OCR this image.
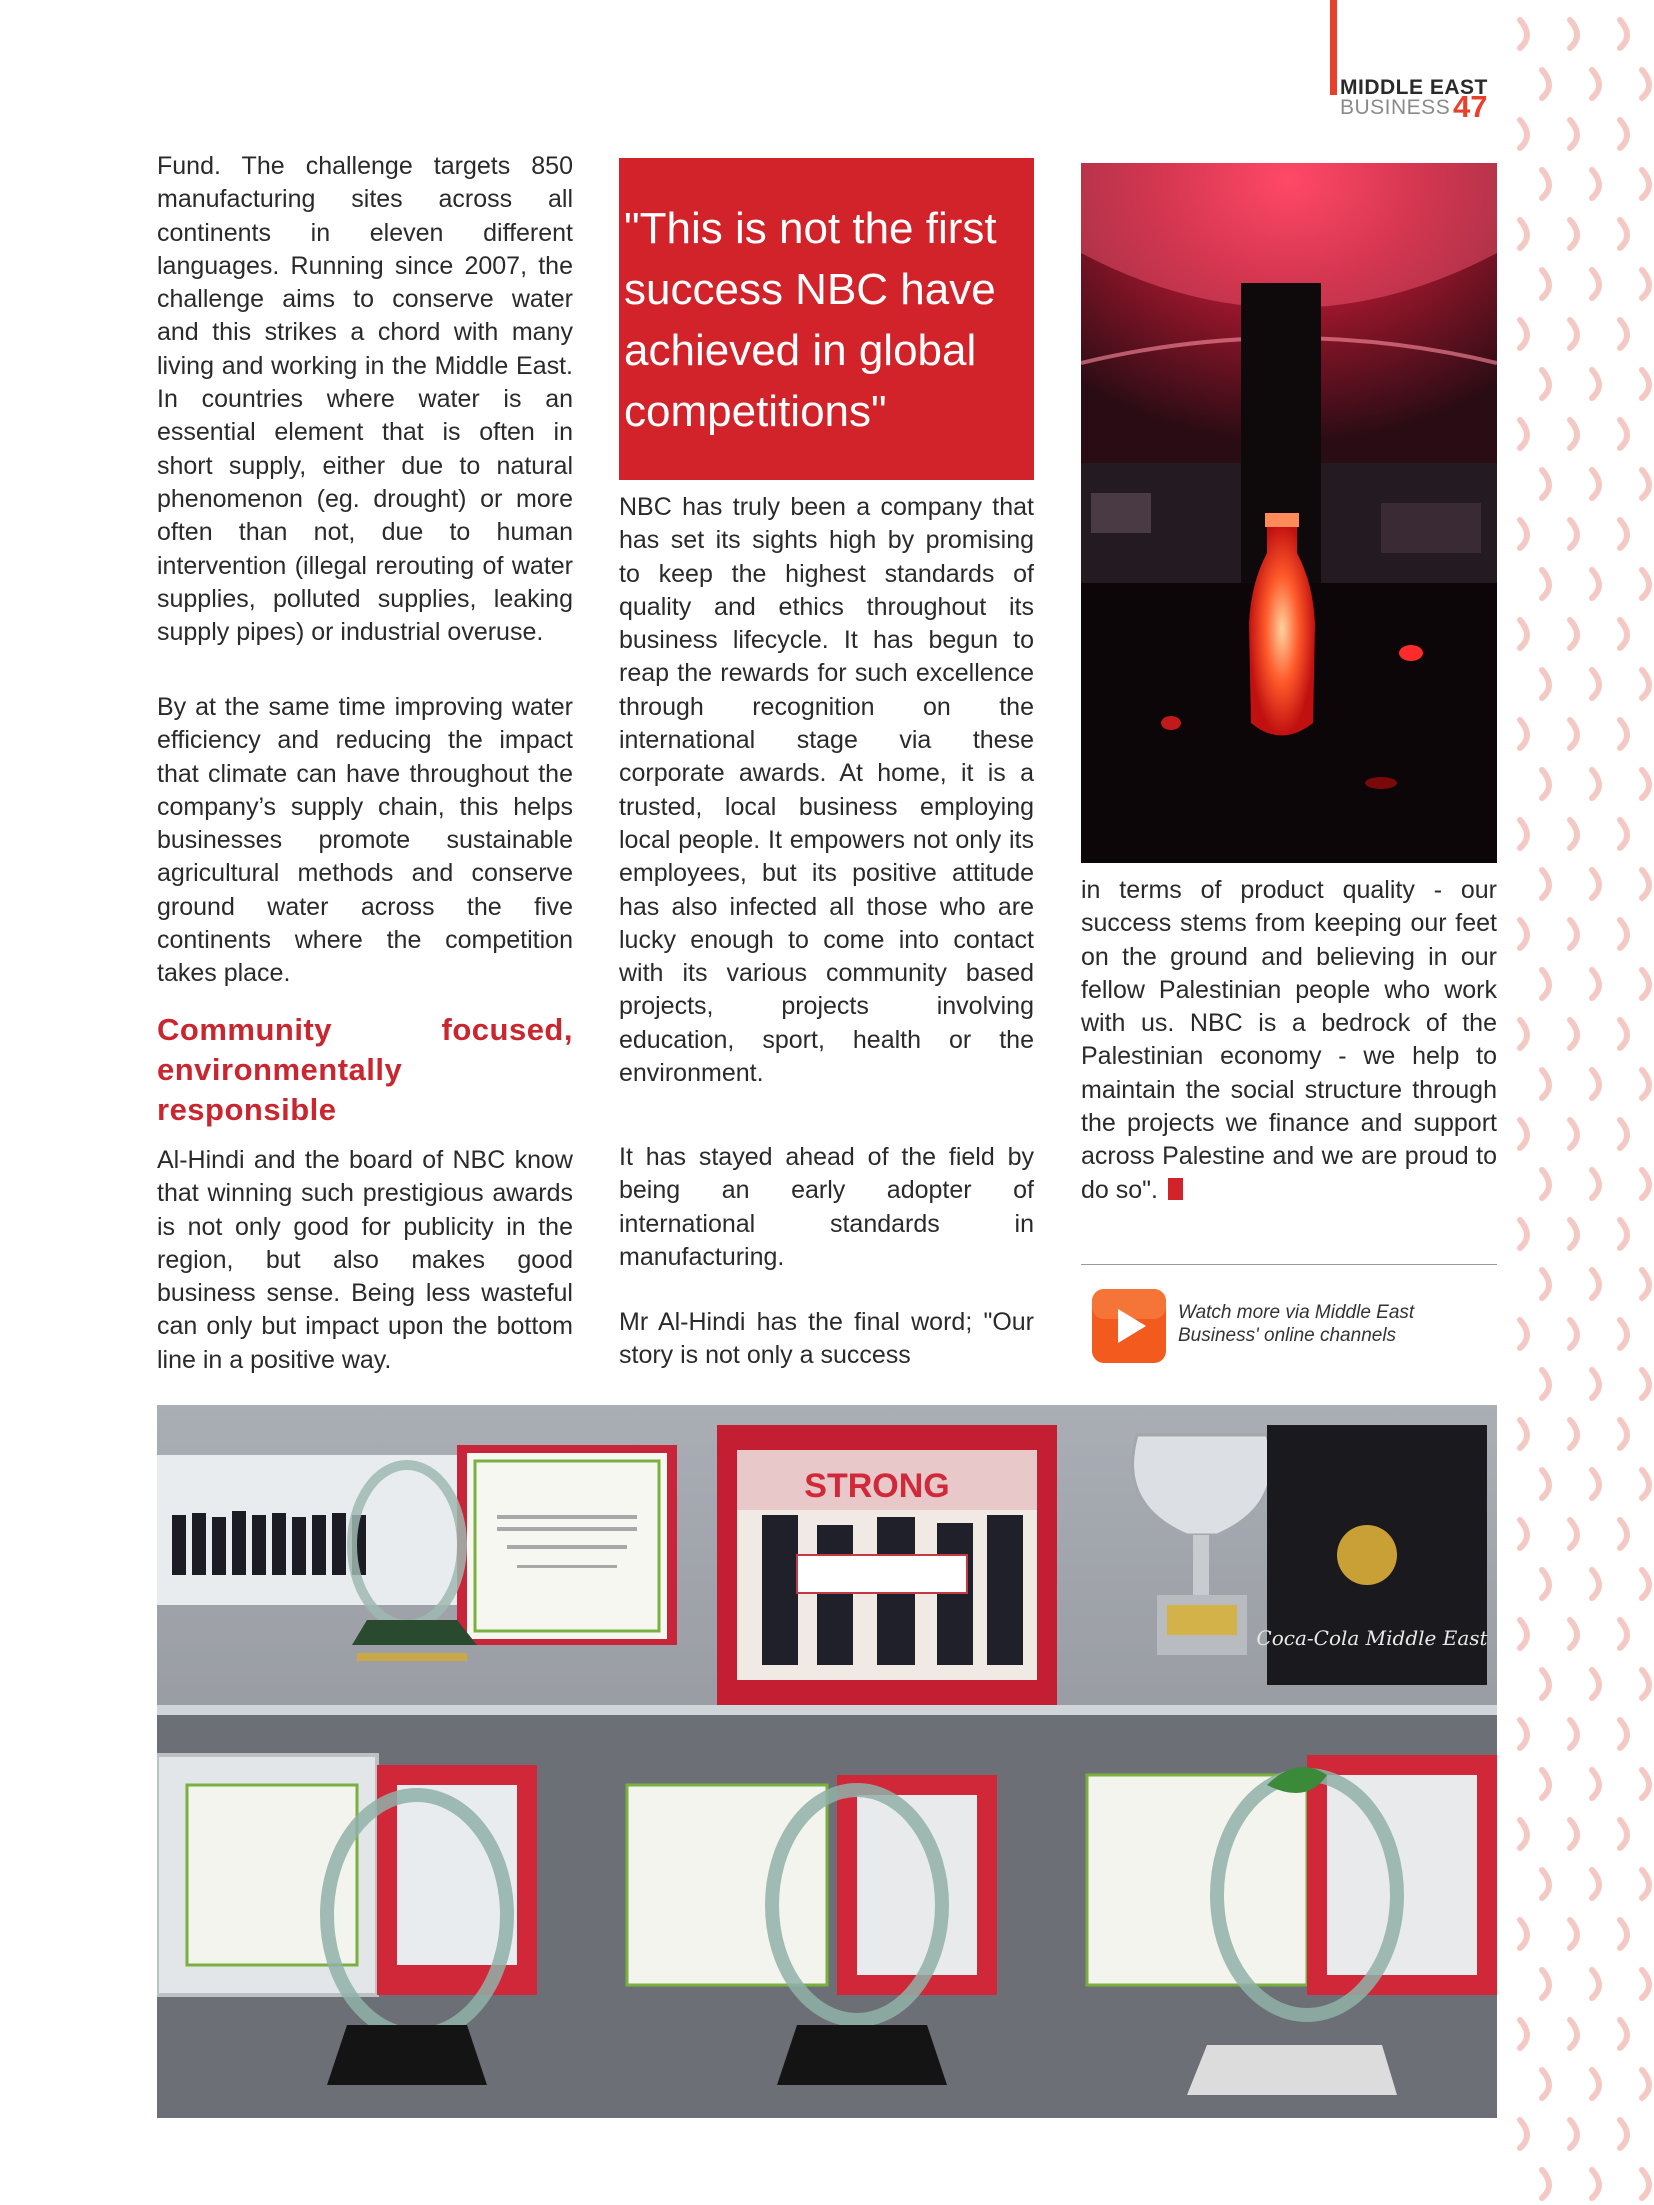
MIDDLE EAST
BUSINESS 47

Fund. The challenge targets 850 manufacturing sites across all continents in eleven different languages. Running since 2007, the challenge aims to conserve water and this strikes a chord with many living and working in the Middle East. In countries where water is an essential element that is often in short supply, either due to natural phenomenon (eg. drought) or more often than not, due to human intervention (illegal rerouting of water supplies, polluted supplies, leaking supply pipes) or industrial overuse.

By at the same time improving water efficiency and reducing the impact that climate can have throughout the company’s supply chain, this helps businesses promote sustainable agricultural methods and conserve ground water across the five continents where the competition takes place.

Community focused, environmentally responsible

Al-Hindi and the board of NBC know that winning such prestigious awards is not only good for publicity in the region, but also makes good business sense. Being less wasteful can only but impact upon the bottom line in a positive way.

"This is not the first success NBC have achieved in global competitions"

NBC has truly been a company that has set its sights high by promising to keep the highest standards of quality and ethics throughout its business lifecycle. It has begun to reap the rewards for such excellence through recognition on the international stage via these corporate awards. At home, it is a trusted, local business employing local people. It empowers not only its employees, but its positive attitude has also infected all those who are lucky enough to come into contact with its various community based projects, projects involving education, sport, health or the environment.

It has stayed ahead of the field by being an early adopter of international standards in manufacturing.

Mr Al-Hindi has the final word; "Our story is not only a success

in terms of product quality - our success stems from keeping our feet on the ground and believing in our fellow Palestinian people who work with us. NBC is a bedrock of the Palestinian economy - we help to maintain the social structure through the projects we finance and support across Palestine and we are proud to do so".

Watch more via Middle East
Business' online channels
STRONG
Coca-Cola Middle East
